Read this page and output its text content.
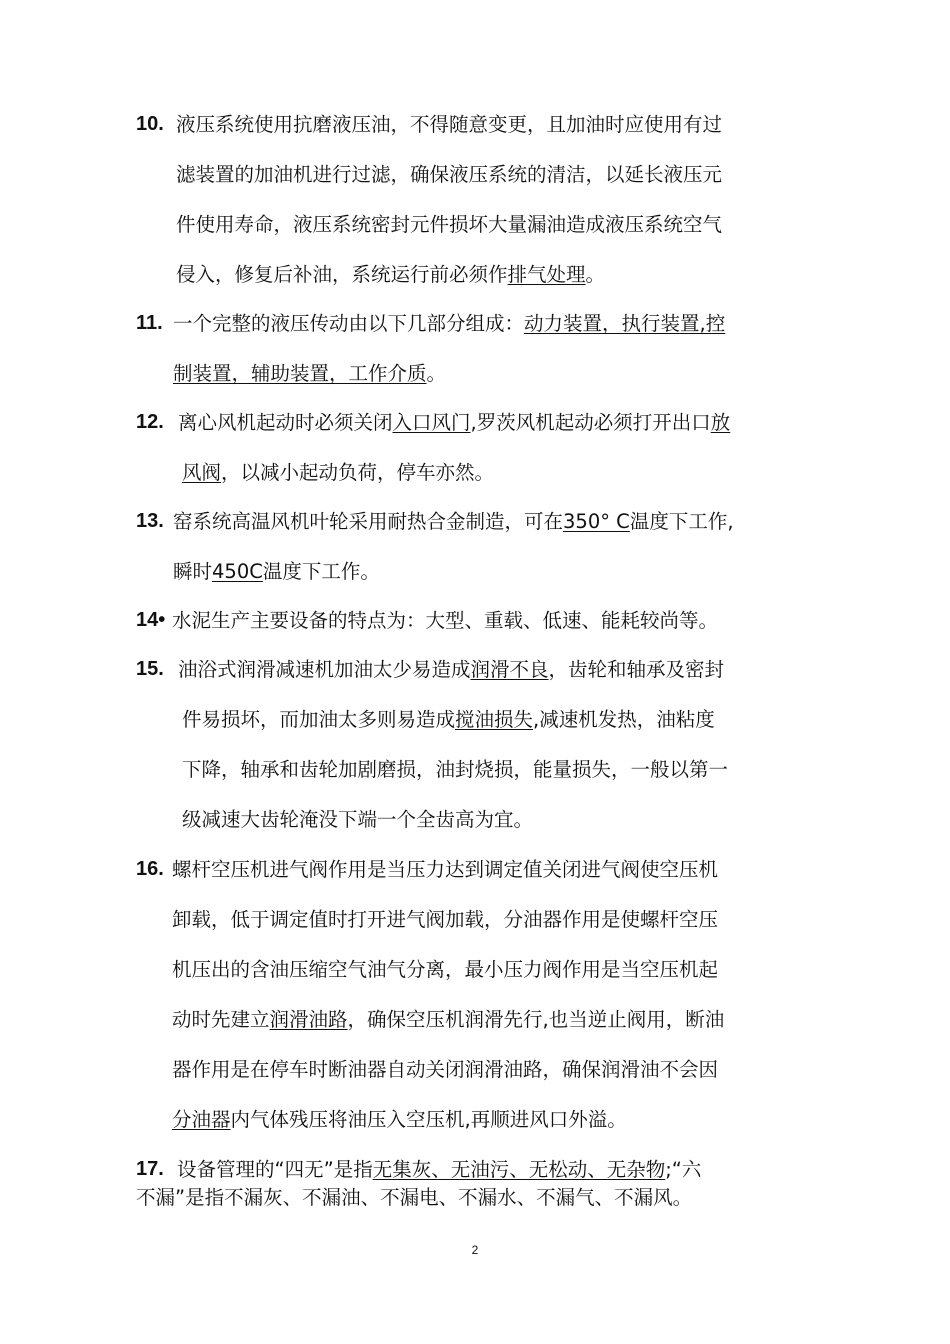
10. 液压系统使用抗磨液压油，不得随意变更，且加油时应使用有过
滤装置的加油机进行过滤，确保液压系统的清洁，以延长液压元
件使用寿命，液压系统密封元件损坏大量漏油造成液压系统空气
侵入，修复后补油，系统运行前必须作排气处理。
11. 一个完整的液压传动由以下几部分组成：动力装置，执行装置,控
制装置，辅助装置，工作介质。
12. 离心风机起动时必须关闭入口风门,罗茨风机起动必须打开出口放
风阀，以减小起动负荷，停车亦然。
13. 窑系统高温风机叶轮采用耐热合金制造，可在350° C温度下工作,
瞬时450C温度下工作。
14• 水泥生产主要设备的特点为：大型、重载、低速、能耗较尚等。
15. 油浴式润滑减速机加油太少易造成润滑不良，齿轮和轴承及密封
件易损坏，而加油太多则易造成搅油损失,减速机发热，油粘度
下降，轴承和齿轮加剧磨损，油封烧损，能量损失，一般以第一
级减速大齿轮淹没下端一个全齿高为宜。
16. 螺杆空压机进气阀作用是当压力达到调定值关闭进气阀使空压机
卸载，低于调定值时打开进气阀加载，分油器作用是使螺杆空压
机压出的含油压缩空气油气分离，最小压力阀作用是当空压机起
动时先建立润滑油路，确保空压机润滑先行,也当逆止阀用，断油
器作用是在停车时断油器自动关闭润滑油路，确保润滑油不会因
分油器内气体残压将油压入空压机,再顺进风口外溢。
17. 设备管理的“四无”是指无集灰、无油污、无松动、无杂物;“六
不漏”是指不漏灰、不漏油、不漏电、不漏水、不漏气、不漏风。
2
